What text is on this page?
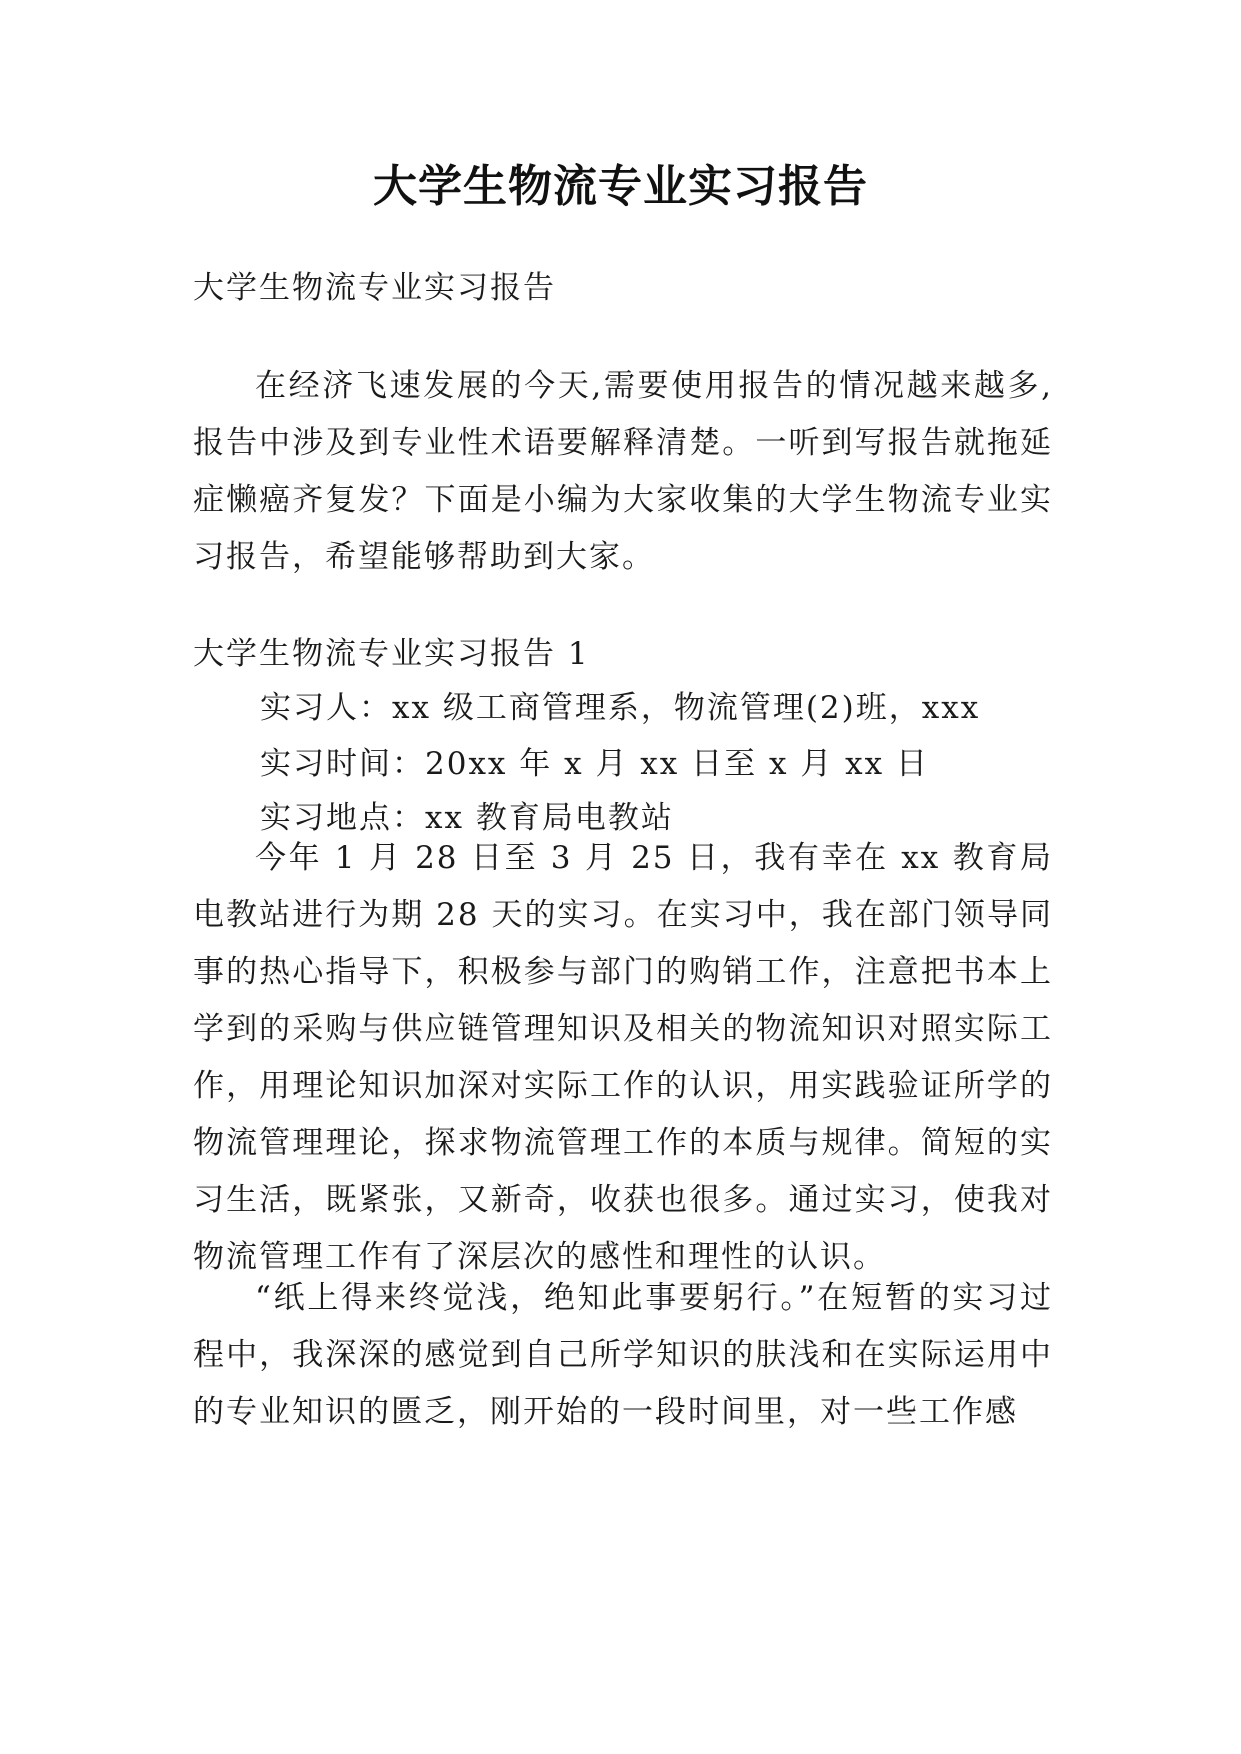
大学生物流专业实习报告

大学生物流专业实习报告

在经济飞速发展的今天,需要使用报告的情况越来越多,报告中涉及到专业性术语要解释清楚。一听到写报告就拖延症懒癌齐复发？下面是小编为大家收集的大学生物流专业实习报告，希望能够帮助到大家。

大学生物流专业实习报告 1

实习人：xx 级工商管理系，物流管理(2)班，xxx

实习时间：20xx 年 x 月 xx 日至 x 月 xx 日

实习地点：xx 教育局电教站

今年 1 月 28 日至 3 月 25 日，我有幸在 xx 教育局电教站进行为期 28 天的实习。在实习中，我在部门领导同事的热心指导下，积极参与部门的购销工作，注意把书本上学到的采购与供应链管理知识及相关的物流知识对照实际工作，用理论知识加深对实际工作的认识，用实践验证所学的物流管理理论，探求物流管理工作的本质与规律。简短的实习生活，既紧张，又新奇，收获也很多。通过实习，使我对物流管理工作有了深层次的感性和理性的认识。

“纸上得来终觉浅，绝知此事要躬行。”在短暂的实习过程中，我深深的感觉到自己所学知识的肤浅和在实际运用中的专业知识的匮乏，刚开始的一段时间里，对一些工作感
